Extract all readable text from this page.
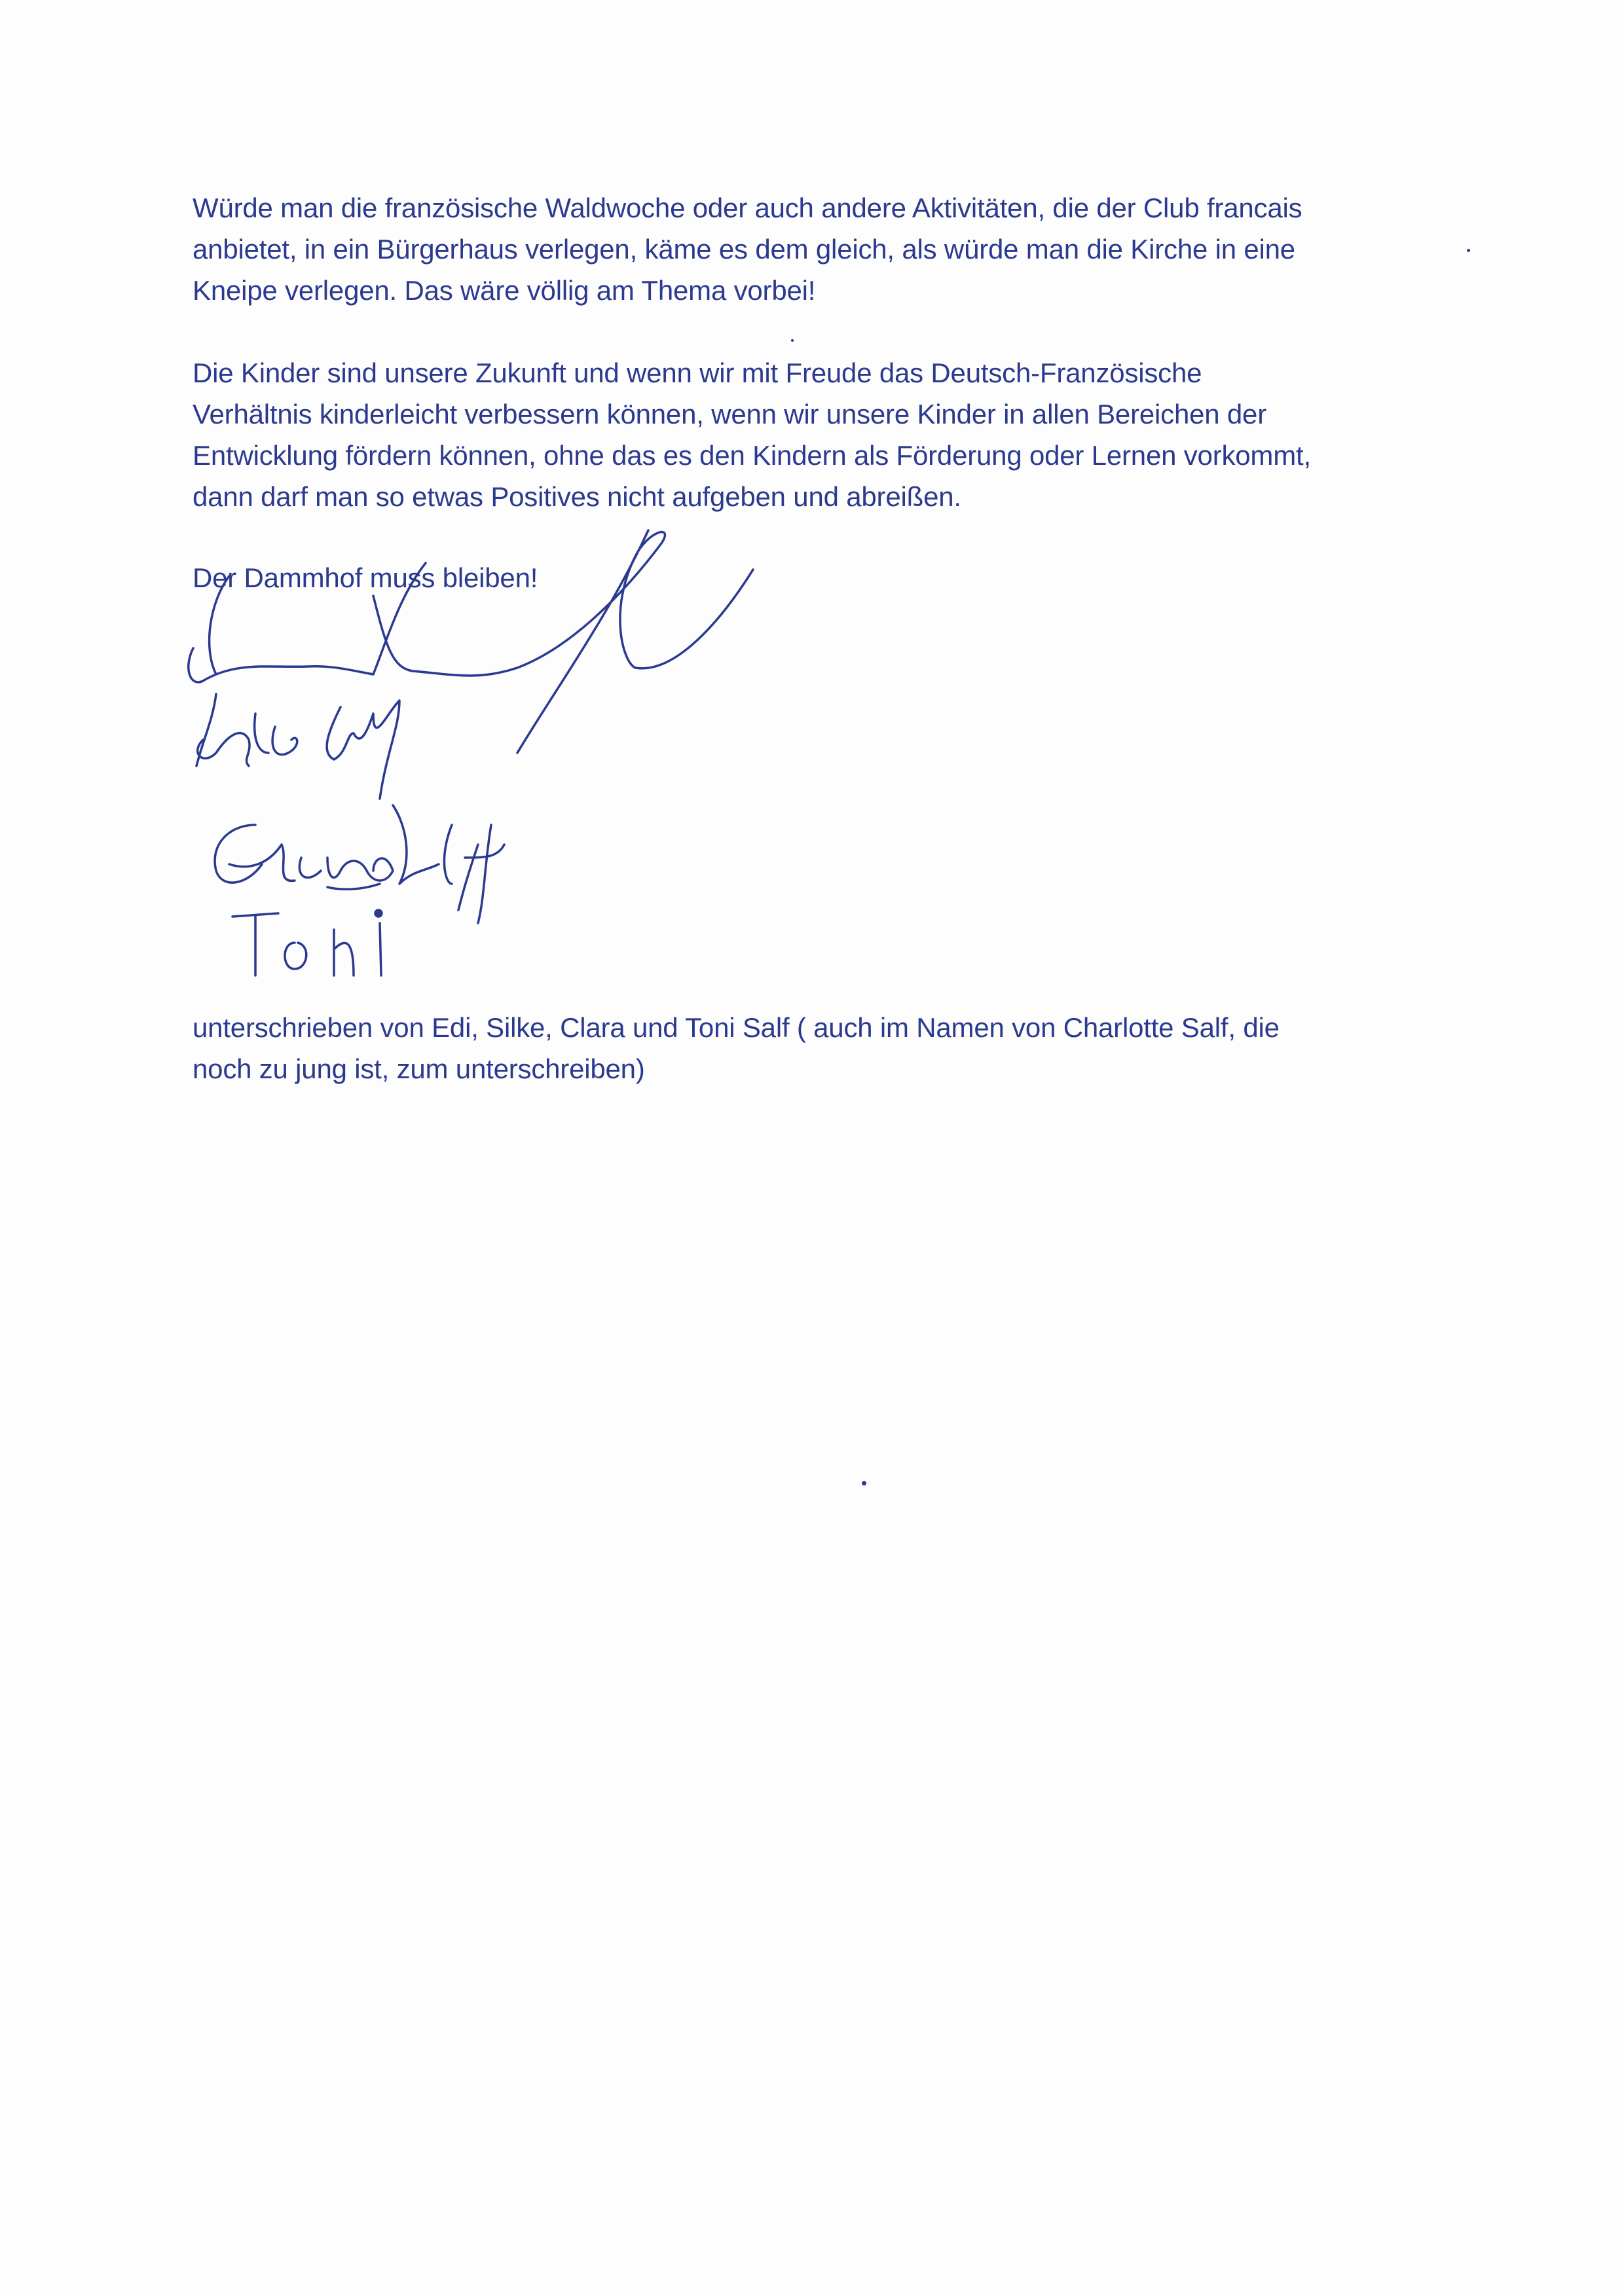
Würde man die französische Waldwoche oder auch andere Aktivitäten, die der Club francais

anbietet, in ein Bürgerhaus verlegen, käme es dem gleich, als würde man die Kirche in eine

Kneipe verlegen. Das wäre völlig am Thema vorbei!

Die Kinder sind unsere Zukunft und wenn wir mit Freude das Deutsch-Französische

Verhältnis kinderleicht verbessern können, wenn wir unsere Kinder in allen Bereichen der

Entwicklung fördern können, ohne das es den Kindern als Förderung oder Lernen vorkommt,

dann darf man so etwas Positives nicht aufgeben und abreißen.

Der Dammhof muss bleiben!

unterschrieben von Edi, Silke, Clara und Toni Salf ( auch im Namen von Charlotte Salf, die

noch zu jung ist, zum unterschreiben)
